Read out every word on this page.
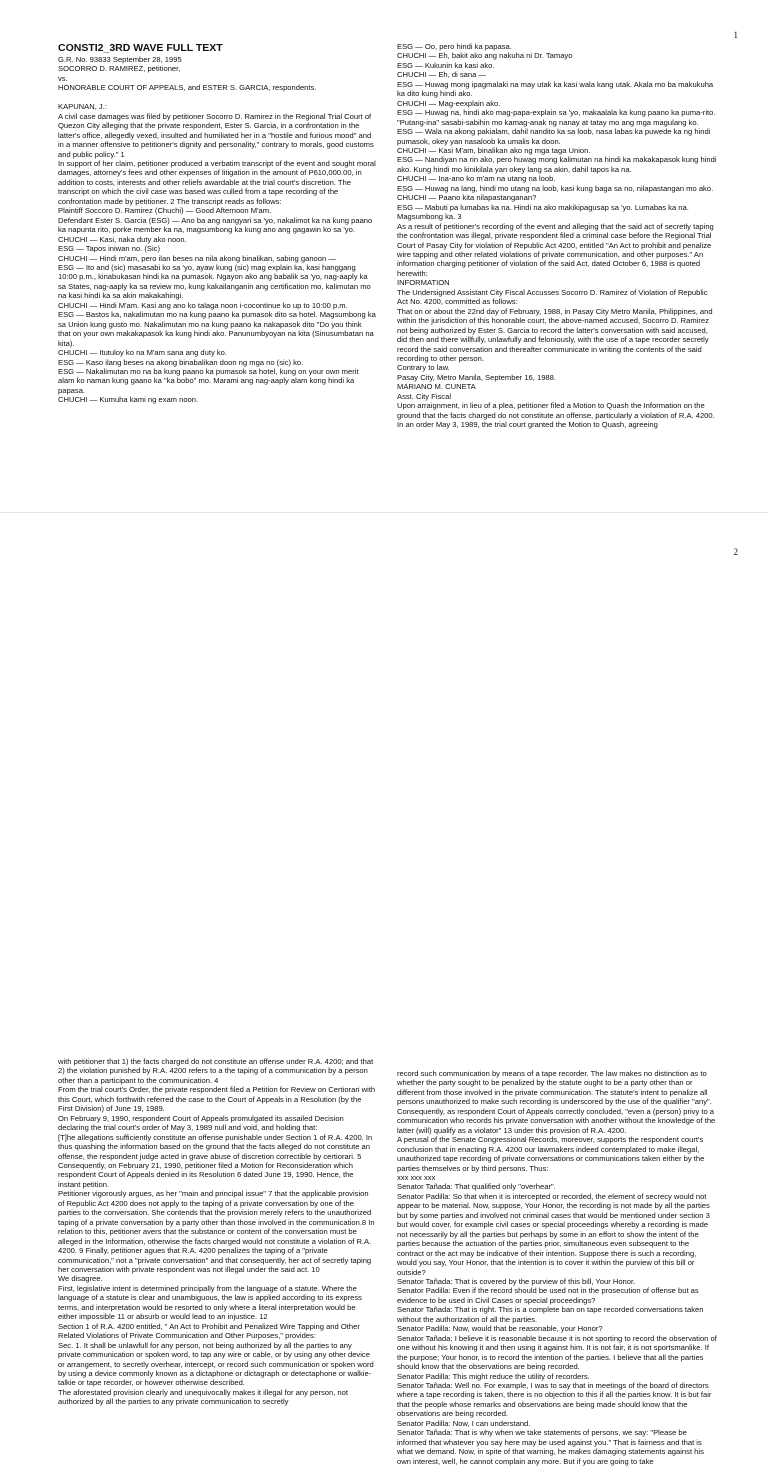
1

CONSTI2_3RD WAVE FULL TEXT

G.R. No. 93833 September 28, 1995

SOCORRO D. RAMIREZ, petitioner,

vs.

HONORABLE COURT OF APPEALS, and ESTER S. GARCIA, respondents.

KAPUNAN, J.:

A civil case damages was filed by petitioner Socorro D. Ramirez in the Regional Trial Court of Quezon City alleging that the private respondent, Ester S. Garcia, in a confrontation in the latter's office, allegedly vexed, insulted and humiliated her in a "hostile and furious mood" and in a manner offensive to petitioner's dignity and personality," contrary to morals, good customs and public policy." 1

In support of her claim, petitioner produced a verbatim transcript of the event and sought moral damages, attorney's fees and other expenses of litigation in the amount of P610,000.00, in addition to costs, interests and other reliefs awardable at the trial court's discretion. The transcript on which the civil case was based was culled from a tape recording of the confrontation made by petitioner. 2 The transcript reads as follows:

Plaintiff Soccoro D. Ramirez (Chuchi) — Good Afternoon M'am.

Defendant Ester S. Garcia (ESG) — Ano ba ang nangyari sa 'yo, nakalimot ka na kung paano ka napunta rito, porke member ka na, magsumbong ka kung ano ang gagawin ko sa 'yo.

CHUCHI — Kasi, naka duty ako noon.

ESG — Tapos iniwan no. (Sic)

CHUCHI — Hindi m'am, pero ilan beses na nila akong binalikan, sabing ganoon —

ESG — Ito and (sic) masasabi ko sa 'yo, ayaw kung (sic) mag explain ka, kasi hanggang 10:00 p.m., kinabukasan hindi ka na pumasok. Ngayon ako ang babalik sa 'yo, nag-aaply ka sa States, nag-aaply ka sa review mo, kung kakailanganin ang certification mo, kalimutan mo na kasi hindi ka sa akin makakahingi.

CHUCHI — Hindi M'am. Kasi ang ano ko talaga noon i-cocontinue ko up to 10:00 p.m.

ESG — Bastos ka, nakalimutan mo na kung paano ka pumasok dito sa hotel. Magsumbong ka sa Union kung gusto mo. Nakalimutan mo na kung paano ka nakapasok dito "Do you think that on your own makakapasok ka kung hindi ako. Panunumbyoyan na kita (Sinusumbatan na kita).

CHUCHI — Itutuloy ko na M'am sana ang duty ko.

ESG — Kaso ilang beses na akong binabalikan doon ng mga no (sic) ko.

ESG — Nakalimutan mo na ba kung paano ka pumasok sa hotel, kung on your own merit alam ko naman kung gaano ka "ka bobo" mo. Marami ang nag-aaply alam kong hindi ka papasa.

CHUCHI — Kumuha kami ng exam noon.

ESG — Oo, pero hindi ka papasa.

CHUCHI — Eh, bakit ako ang nakuha ni Dr. Tamayo

ESG — Kukunin ka kasi ako.

CHUCHI — Eh, di sana —

ESG — Huwag mong ipagmalaki na may utak ka kasi wala kang utak. Akala mo ba makukuha ka dito kung hindi ako.

CHUCHI — Mag-eexplain ako.

ESG — Huwag na, hindi ako mag-papa-explain sa 'yo, makaalala ka kung paano ka puma-rito. "Putang-ina" sasabi-sabihin mo kamag-anak ng nanay at tatay mo ang mga magulang ko.

ESG — Wala na akong pakialam, dahil nandito ka sa loob, nasa labas ka puwede ka ng hindi pumasok, okey yan nasaloob ka umalis ka doon.

CHUCHI — Kasi M'am, binalikan ako ng mga taga Union.

ESG — Nandiyan na rin ako, pero huwag mong kalimutan na hindi ka makakapasok kung hindi ako. Kung hindi mo kinikilala yan okey lang sa akin, dahil tapos ka na.

CHUCHI — Ina-ano ko m'am na utang na loob.

ESG — Huwag na lang, hindi mo utang na loob, kasi kung baga sa no, nilapastangan mo ako.

CHUCHI — Paano kita nilapastanganan?

ESG — Mabuti pa lumabas ka na. Hindi na ako makikipagusap sa 'yo. Lumabas ka na. Magsumbong ka. 3

As a result of petitioner's recording of the event and alleging that the said act of secretly taping the confrontation was illegal, private respondent filed a criminal case before the Regional Trial Court of Pasay City for violation of Republic Act 4200, entitled "An Act to prohibit and penalize wire tapping and other related violations of private communication, and other purposes." An information charging petitioner of violation of the said Act, dated October 6, 1988 is quoted herewith:

INFORMATION

The Undersigned Assistant City Fiscal Accusses Socorro D. Ramirez of Violation of Republic Act No. 4200, committed as follows:

That on or about the 22nd day of February, 1988, in Pasay City Metro Manila, Philippines, and within the jurisdiction of this honorable court, the above-named accused, Socorro D. Ramirez not being authorized by Ester S. Garcia to record the latter's conversation with said accused, did then and there willfully, unlawfully and feloniously, with the use of a tape recorder secretly record the said conversation and thereafter communicate in writing the contents of the said recording to other person.

Contrary to law.

Pasay City, Metro Manila, September 16, 1988.

MARIANO M. CUNETA

Asst. City Fiscal

Upon arraignment, in lieu of a plea, petitioner filed a Motion to Quash the Information on the ground that the facts charged do not constitute an offense, particularly a violation of R.A. 4200. In an order May 3, 1989, the trial court granted the Motion to Quash, agreeing

2

with petitioner that 1) the facts charged do not constitute an offense under R.A. 4200; and that 2) the violation punished by R.A. 4200 refers to a the taping of a communication by a person other than a participant to the communication. 4

From the trial court's Order, the private respondent filed a Petition for Review on Certiorari with this Court, which forthwith referred the case to the Court of Appeals in a Resolution (by the First Division) of June 19, 1989.

On February 9, 1990, respondent Court of Appeals promulgated its assailed Decision declaring the trial court's order of May 3, 1989 null and void, and holding that:

[T]he allegations sufficiently constitute an offense punishable under Section 1 of R.A. 4200. In thus quashing the information based on the ground that the facts alleged do not constitute an offense, the respondent judge acted in grave abuse of discretion correctible by certiorari. 5

Consequently, on February 21, 1990, petitioner filed a Motion for Reconsideration which respondent Court of Appeals denied in its Resolution 6 dated June 19, 1990. Hence, the instant petition.

Petitioner vigorously argues, as her "main and principal issue" 7 that the applicable provision of Republic Act 4200 does not apply to the taping of a private conversation by one of the parties to the conversation. She contends that the provision merely refers to the unauthorized taping of a private conversation by a party other than those involved in the communication.8 In relation to this, petitioner avers that the substance or content of the conversation must be alleged in the Information, otherwise the facts charged would not constitute a violation of R.A. 4200. 9 Finally, petitioner agues that R.A. 4200 penalizes the taping of a "private communication," not a "private conversation" and that consequently, her act of secretly taping her conversation with private respondent was not illegal under the said act. 10

We disagree.

First, legislative intent is determined principally from the language of a statute. Where the language of a statute is clear and unambiguous, the law is applied according to its express terms, and interpretation would be resorted to only where a literal interpretation would be either impossible 11 or absurb or would lead to an injustice. 12

Section 1 of R.A. 4200 entitled, " An Act to Prohibit and Penalized Wire Tapping and Other Related Violations of Private Communication and Other Purposes," provides:

Sec. 1. It shall be unlawfull for any person, not being authorized by all the parties to any private communication or spoken word, to tap any wire or cable, or by using any other device or arrangement, to secretly overhear, intercept, or record such communication or spoken word by using a device commonly known as a dictaphone or dictagraph or detectaphone or walkie-talkie or tape recorder, or however otherwise described.

The aforestated provision clearly and unequivocally makes it illegal for any person, not authorized by all the parties to any private communication to secretly

record such communication by means of a tape recorder. The law makes no distinction as to whether the party sought to be penalized by the statute ought to be a party other than or different from those involved in the private communication. The statute's intent to penalize all persons unauthorized to make such recording is underscored by the use of the qualifier "any". Consequently, as respondent Court of Appeals correctly concluded, "even a (person) privy to a communication who records his private conversation with another without the knowledge of the latter (will) qualify as a violator" 13 under this provision of R.A. 4200.

A perusal of the Senate Congressional Records, moreover, supports the respondent court's conclusion that in enacting R.A. 4200 our lawmakers indeed contemplated to make illegal, unauthorized tape recording of private conversations or communications taken either by the parties themselves or by third persons. Thus:

xxx xxx xxx

Senator Tañada: That qualified only "overhear".

Senator Padilla: So that when it is intercepted or recorded, the element of secrecy would not appear to be material. Now, suppose, Your Honor, the recording is not made by all the parties but by some parties and involved not criminal cases that would be mentioned under section 3 but would cover, for example civil cases or special proceedings whereby a recording is made not necessarily by all the parties but perhaps by some in an effort to show the intent of the parties because the actuation of the parties prior, simultaneous even subsequent to the contract or the act may be indicative of their intention. Suppose there is such a recording, would you say, Your Honor, that the intention is to cover it within the purview of this bill or outside?

Senator Tañada: That is covered by the purview of this bill, Your Honor.

Senator Padilla: Even if the record should be used not in the prosecution of offense but as evidence to be used in Civil Cases or special proceedings?

Senator Tañada: That is right. This is a complete ban on tape recorded conversations taken without the authorization of all the parties.

Senator Padilla: Now, would that be reasonable, your Honor?

Senator Tañada: I believe it is reasonable because it is not sporting to record the observation of one without his knowing it and then using it against him. It is not fair, it is not sportsmanlike. If the purpose; Your honor, is to record the intention of the parties. I believe that all the parties should know that the observations are being recorded.

Senator Padilla: This might reduce the utility of recorders.

Senator Tañada: Well no. For example, I was to say that in meetings of the board of directors where a tape recording is taken, there is no objection to this if all the parties know. It is but fair that the people whose remarks and observations are being made should know that the observations are being recorded.

Senator Padilla: Now, I can understand.

Senator Tañada: That is why when we take statements of persons, we say: "Please be informed that whatever you say here may be used against you." That is fairness and that is what we demand. Now, in spite of that warning, he makes damaging statements against his own interest, well, he cannot complain any more. But if you are going to take
